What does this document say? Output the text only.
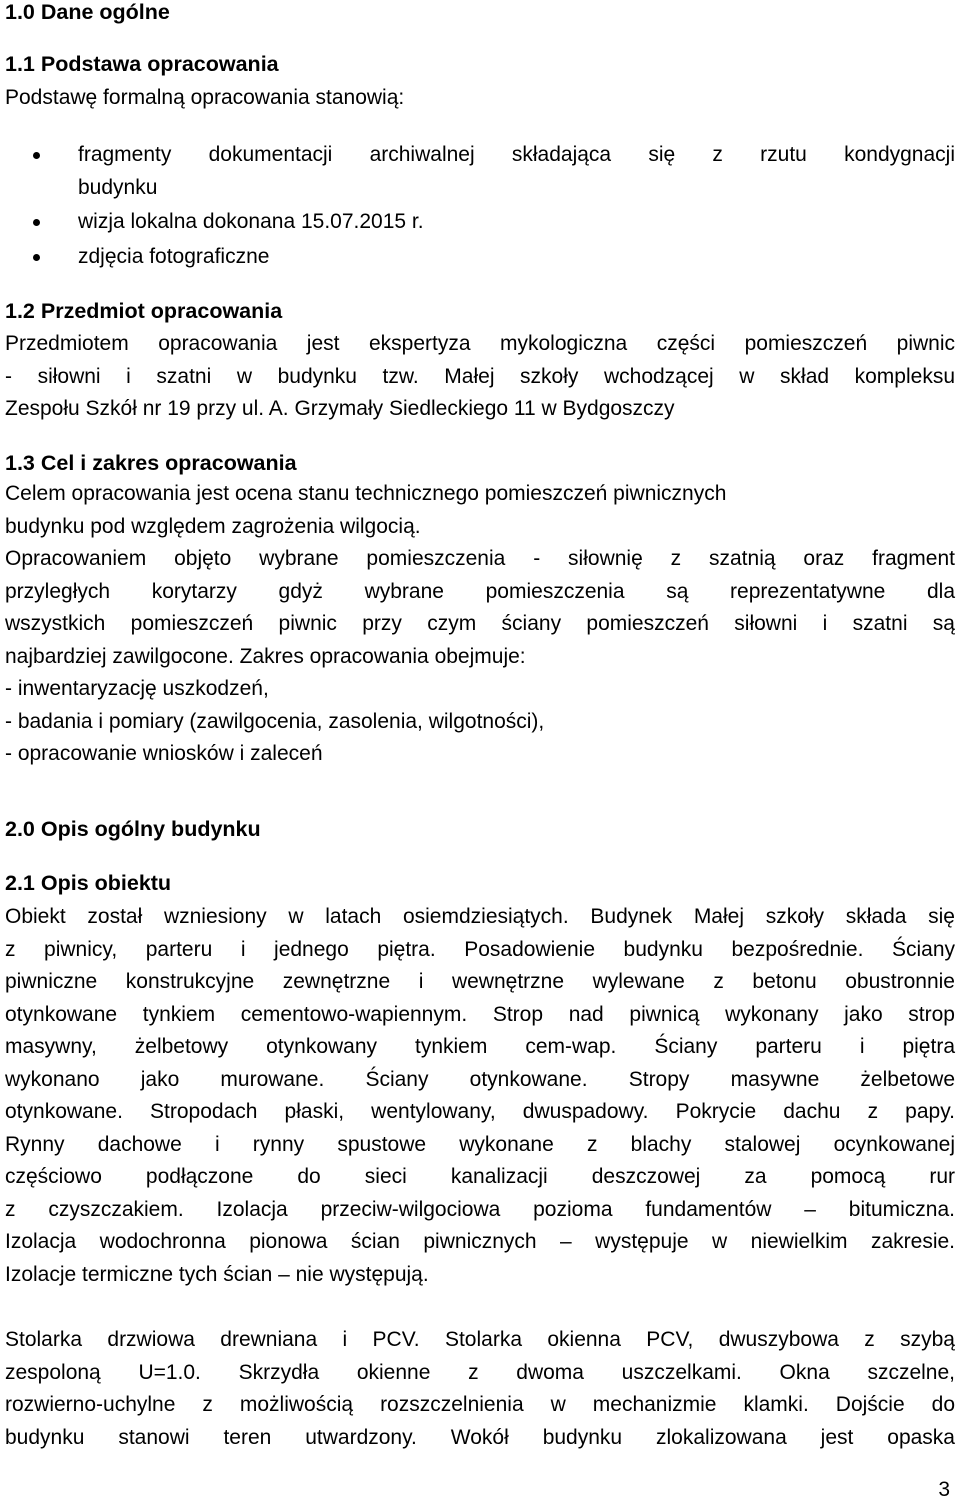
1.0 Dane ogólne
1.1 Podstawa opracowania
Podstawę formalną opracowania stanowią:
fragmenty dokumentacji archiwalnej składająca się z rzutu kondygnacji
budynku
wizja lokalna dokonana 15.07.2015 r.
zdjęcia fotograficzne
1.2 Przedmiot opracowania
Przedmiotem opracowania jest ekspertyza mykologiczna części pomieszczeń piwnic
- siłowni i szatni w budynku tzw. Małej szkoły wchodzącej w skład kompleksu
Zespołu Szkół nr 19 przy ul. A. Grzymały Siedleckiego 11 w Bydgoszczy
1.3 Cel i zakres opracowania
Celem opracowania jest ocena stanu technicznego pomieszczeń piwnicznych
budynku pod względem zagrożenia wilgocią.
Opracowaniem objęto wybrane pomieszczenia - siłownię z szatnią oraz fragment
przyległych korytarzy gdyż wybrane pomieszczenia są reprezentatywne dla
wszystkich pomieszczeń piwnic przy czym ściany pomieszczeń siłowni i szatni są
najbardziej zawilgocone. Zakres opracowania obejmuje:
- inwentaryzację uszkodzeń,
- badania i pomiary (zawilgocenia, zasolenia, wilgotności),
- opracowanie wniosków i zaleceń
2.0 Opis ogólny budynku
2.1 Opis obiektu
Obiekt został wzniesiony w latach osiemdziesiątych. Budynek Małej szkoły składa się
z piwnicy, parteru i jednego piętra. Posadowienie budynku bezpośrednie. Ściany
piwniczne konstrukcyjne zewnętrzne i wewnętrzne wylewane z betonu obustronnie
otynkowane tynkiem cementowo-wapiennym. Strop nad piwnicą wykonany jako strop
masywny, żelbetowy otynkowany tynkiem cem-wap. Ściany parteru i piętra
wykonano jako murowane. Ściany otynkowane. Stropy masywne żelbetowe
otynkowane. Stropodach płaski, wentylowany, dwuspadowy. Pokrycie dachu z papy.
Rynny dachowe i rynny spustowe wykonane z blachy stalowej ocynkowanej
częściowo podłączone do sieci kanalizacji deszczowej za pomocą rur
z czyszczakiem. Izolacja przeciw-wilgociowa pozioma fundamentów – bitumiczna.
Izolacja wodochronna pionowa ścian piwnicznych – występuje w niewielkim zakresie.
Izolacje termiczne tych ścian – nie występują.
Stolarka drzwiowa drewniana i PCV. Stolarka okienna PCV, dwuszybowa z szybą
zespoloną U=1.0. Skrzydła okienne z dwoma uszczelkami. Okna szczelne,
rozwierno-uchylne z możliwością rozszczelnienia w mechanizmie klamki. Dojście do
budynku stanowi teren utwardzony. Wokół budynku zlokalizowana jest opaska
3
